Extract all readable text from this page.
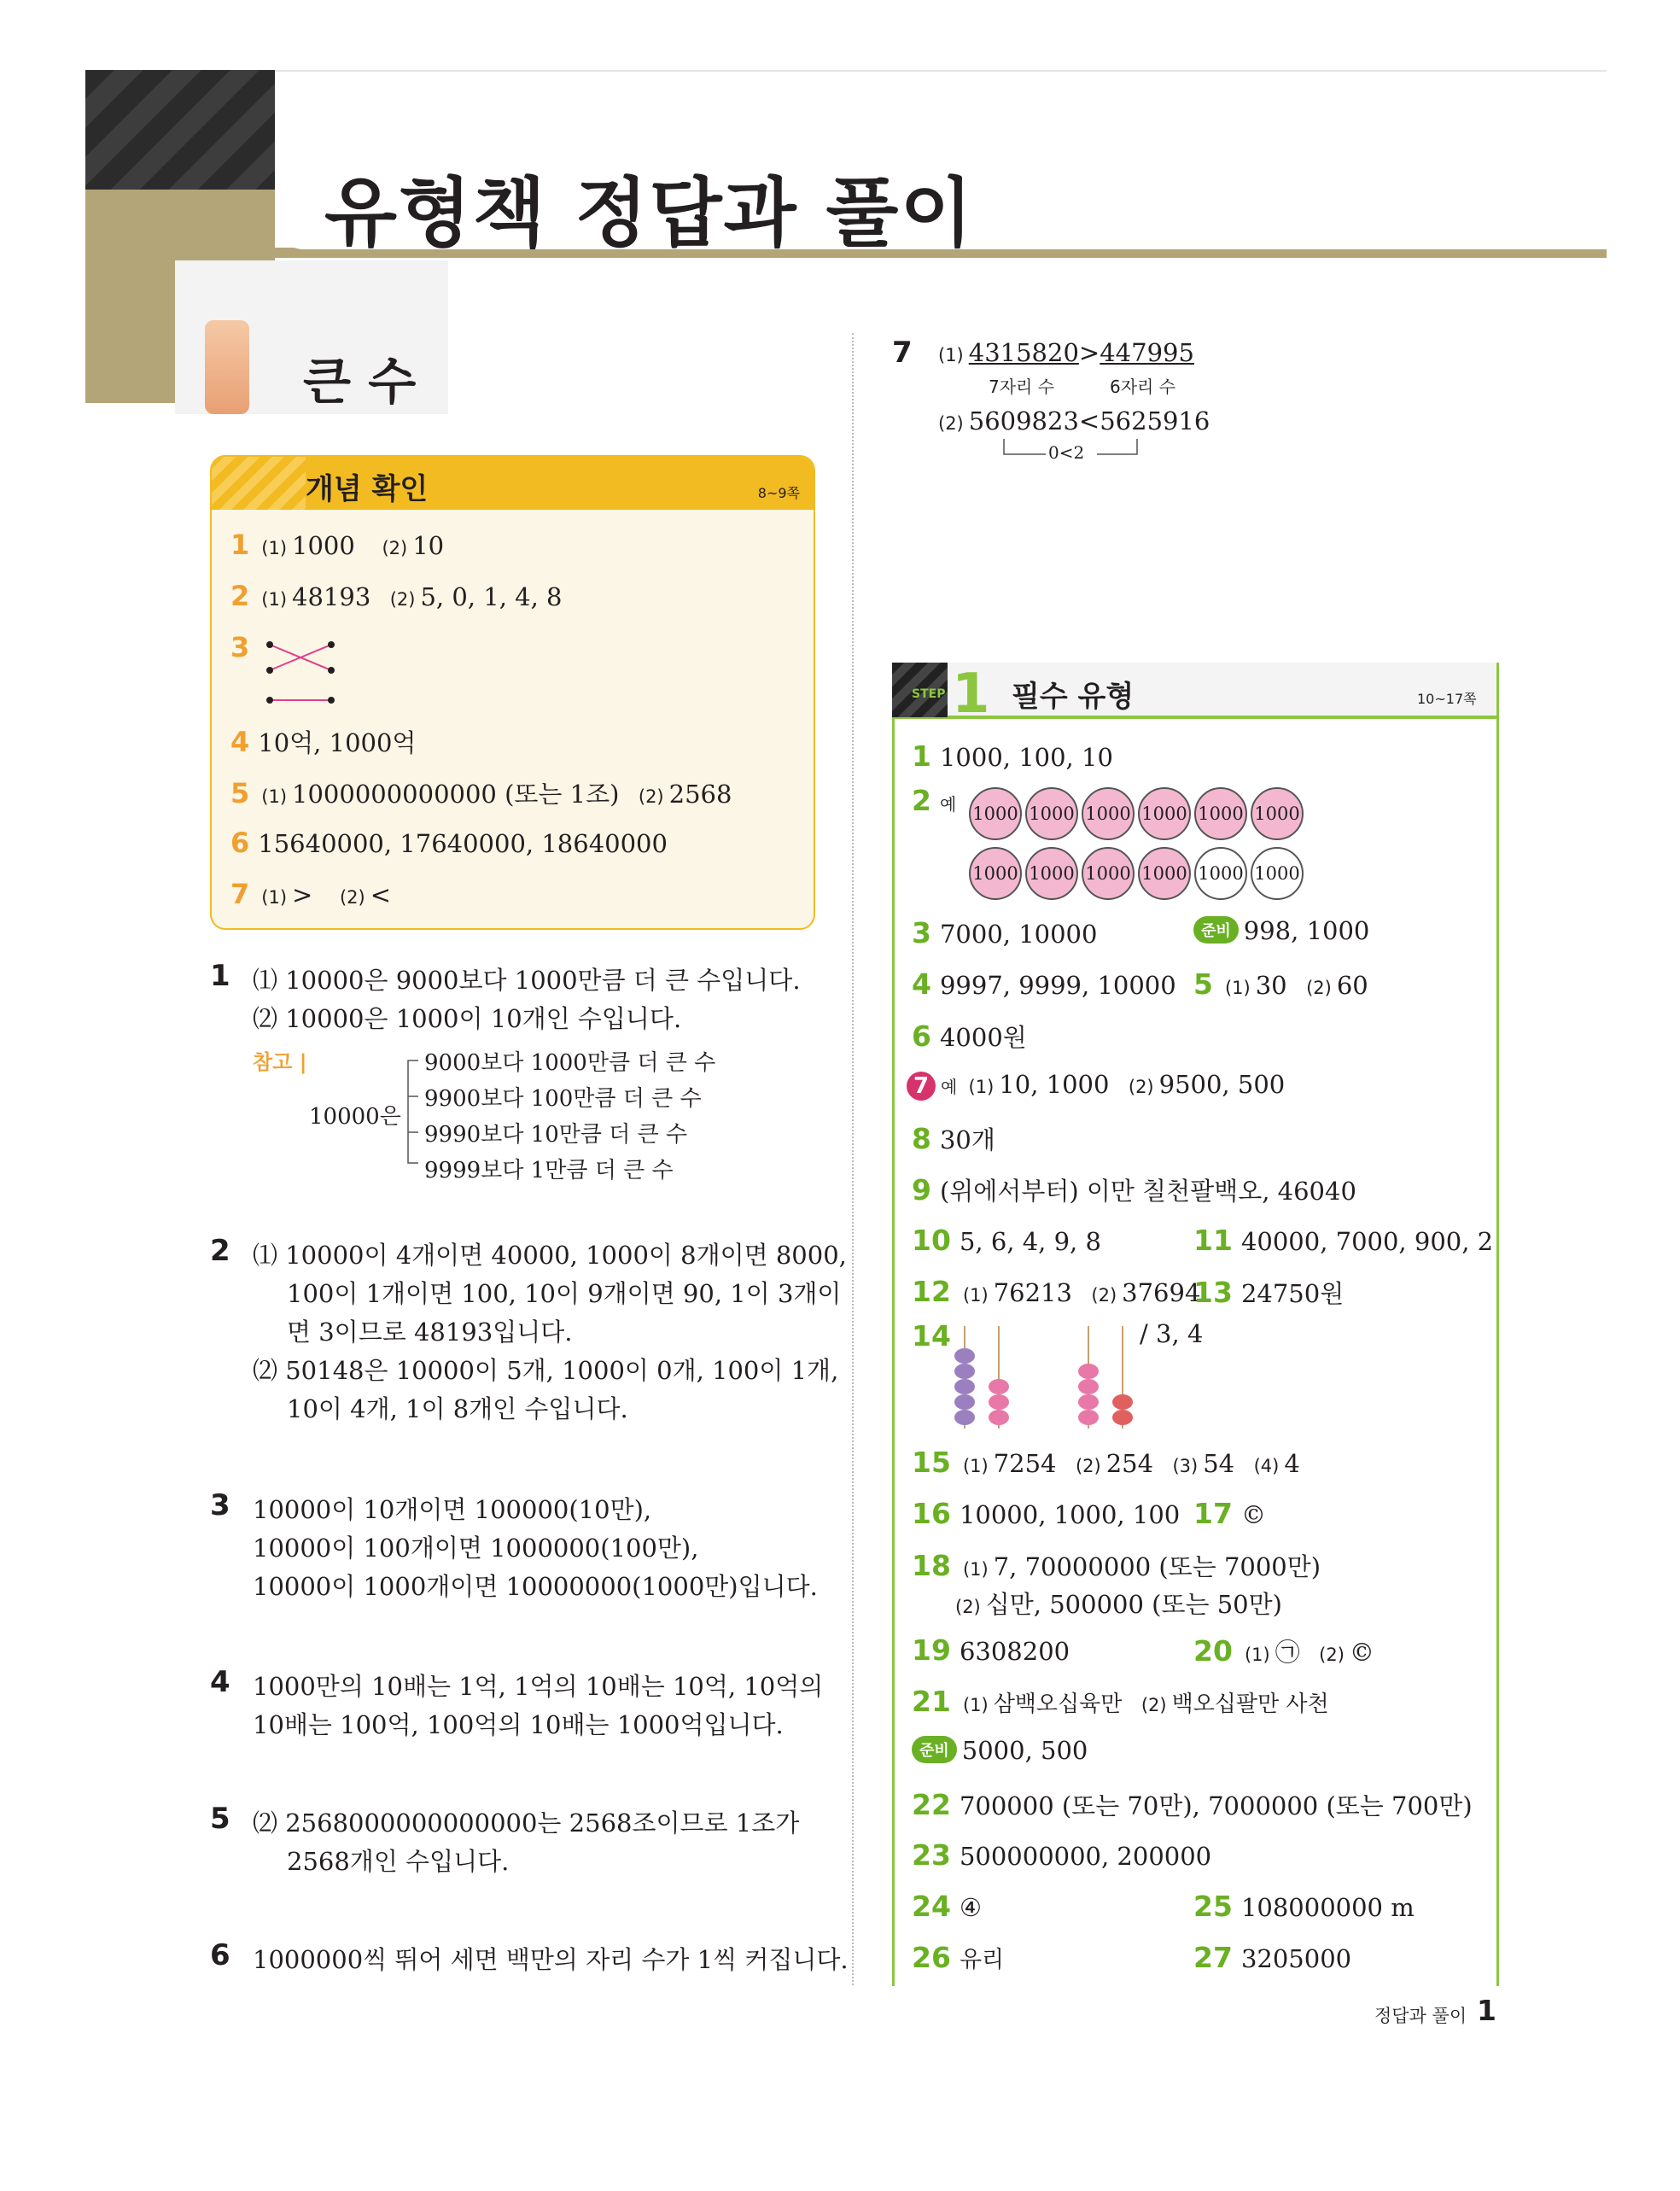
유형책 정답과 풀이
큰 수
개념 확인	8~9쪽
1 (1) 1000 (2) 10
2 (1) 48193 (2) 5, 0, 1, 4, 8
3
4 10억, 1000억
5 (1) 1000000000000 (또는 1조) (2) 2568
6 15640000, 17640000, 18640000
7 (1) > (2) <
1 ⑴ 10000은 9000보다 1000만큼 더 큰 수입니다.
⑵ 10000은 1000이 10개인 수입니다.
참고 |
10000은
9000보다 1000만큼 더 큰 수
9900보다 100만큼 더 큰 수
9990보다 10만큼 더 큰 수
9999보다 1만큼 더 큰 수
2 ⑴ 10000이 4개이면 40000, 1000이 8개이면 8000,
100이 1개이면 100, 10이 9개이면 90, 1이 3개이
면 3이므로 48193입니다.
⑵ 50148은 10000이 5개, 1000이 0개, 100이 1개,
10이 4개, 1이 8개인 수입니다.
3 10000이 10개이면 100000(10만),
10000이 100개이면 1000000(100만),
10000이 1000개이면 10000000(1000만)입니다.
4 1000만의 10배는 1억, 1억의 10배는 10억, 10억의
10배는 100억, 100억의 10배는 1000억입니다.
5 ⑵ 2568000000000000는 2568조이므로 1조가
2568개인 수입니다.
6 1000000씩 뛰어 세면 백만의 자리 수가 1씩 커집니다.
7 (1) 4315820>447995
7자리 수	6자리 수
(2) 5609823<5625916
0<2
STEP 1 필수 유형	10~17쪽
1 1000, 100, 10
2 예 1000 1000 1000 1000 1000 1000
1000 1000 1000 1000 1000 1000
3 7000, 10000	준비 998, 1000
4 9997, 9999, 10000 5 (1) 30 (2) 60
6 4000원
7 예 (1) 10, 1000 (2) 9500, 500
8 30개
9 (위에서부터) 이만 칠천팔백오, 46040
10 5, 6, 4, 9, 8	11 40000, 7000, 900, 2
12 (1) 76213 (2) 37694
13 24750원
14	/ 3, 4
15 (1) 7254 (2) 254 (3) 54 (4) 4
16 10000, 1000, 100 17 ©
18 (1) 7, 70000000 (또는 7000만)
(2) 십만, 500000 (또는 50만)
19 6308200	20 (1) ㉠ (2) ©
21 (1) 삼백오십육만 (2) 백오십팔만 사천
준비 5000, 500
22 700000 (또는 70만), 7000000 (또는 700만)
23 500000000, 200000
24 ④	25 108000000 m
26 유리	27 3205000
정답과 풀이 1
